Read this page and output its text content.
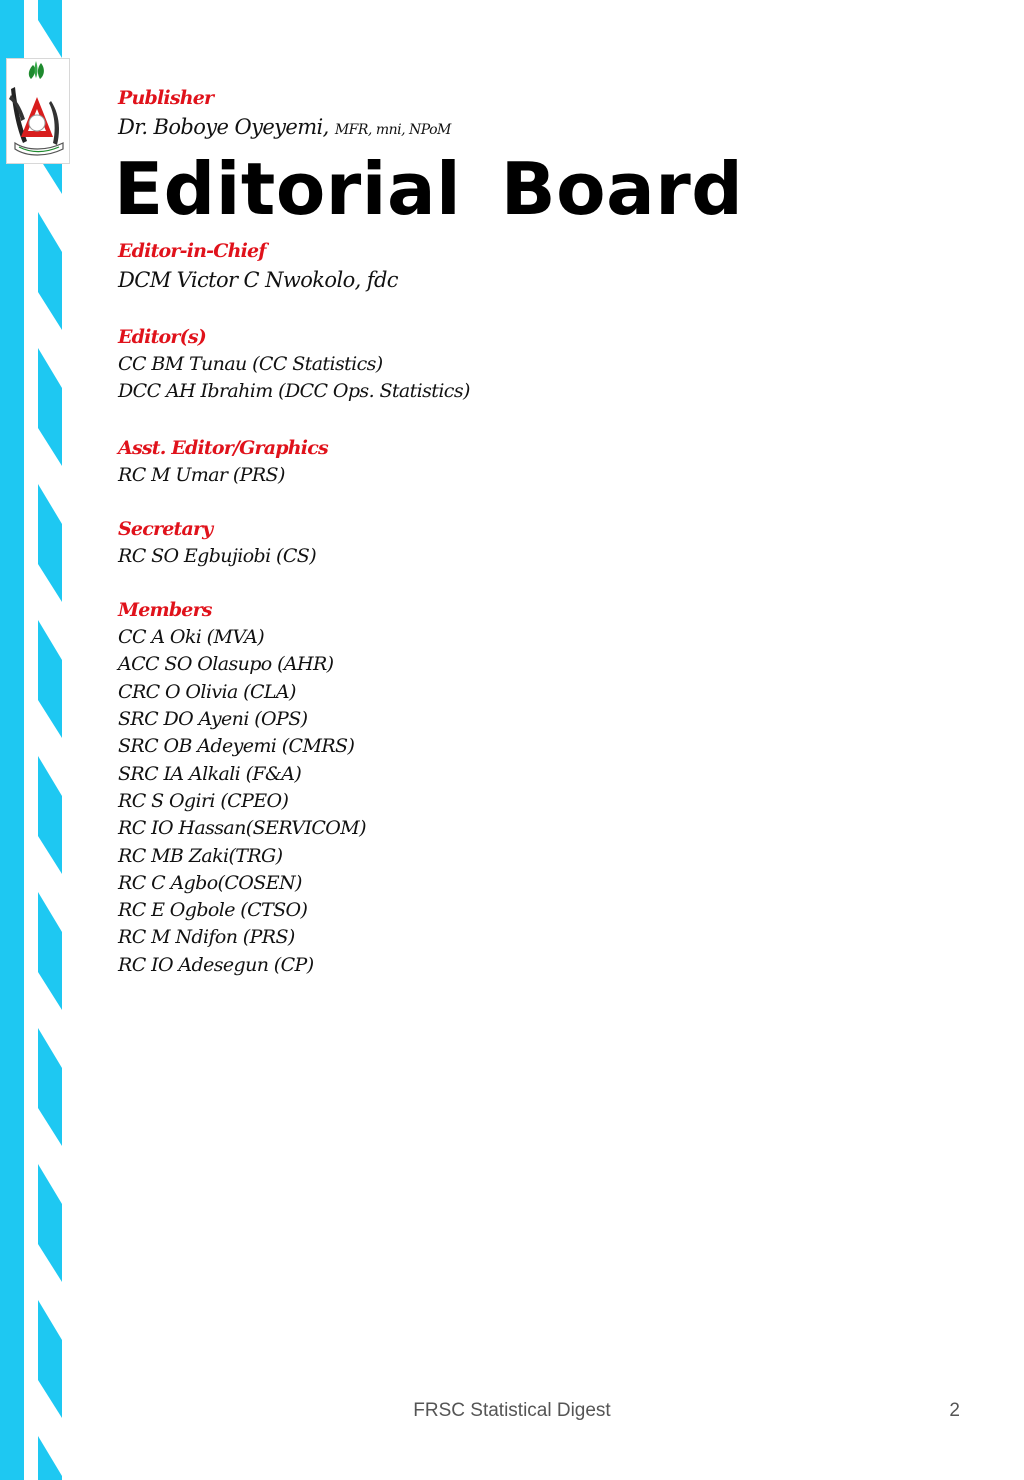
Publisher
Dr. Boboye Oyeyemi, MFR, mni, NPoM
Editorial Board
Editor-in-Chief
DCM Victor C Nwokolo, fdc
Editor(s)
CC BM Tunau (CC Statistics)
DCC AH Ibrahim (DCC Ops. Statistics)
Asst. Editor/Graphics
RC M Umar (PRS)
Secretary
RC SO Egbujiobi (CS)
Members
CC A Oki (MVA)
ACC SO Olasupo (AHR)
CRC O Olivia (CLA)
SRC DO Ayeni (OPS)
SRC OB Adeyemi (CMRS)
SRC IA Alkali (F&A)
RC S Ogiri (CPEO)
RC IO Hassan(SERVICOM)
RC MB Zaki(TRG)
RC C Agbo(COSEN)
RC E Ogbole (CTSO)
RC M Ndifon (PRS)
RC IO Adesegun (CP)
FRSC Statistical Digest	2
